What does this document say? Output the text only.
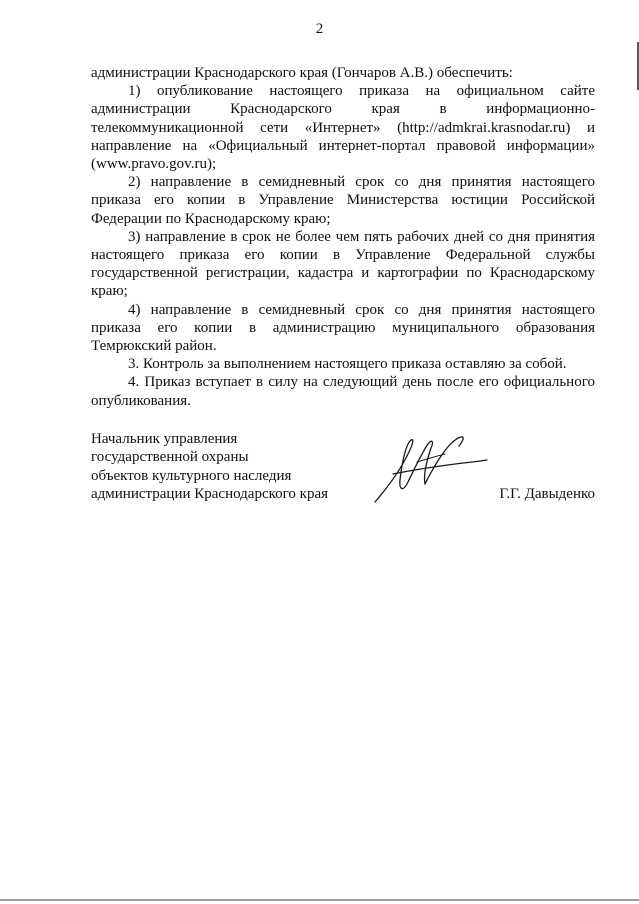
2

администрации Краснодарского края (Гончаров А.В.) обеспечить:

1) опубликование настоящего приказа на официальном сайте администрации Краснодарского края в информационно-телекоммуникационной сети «Интернет» (http://admkrai.krasnodar.ru) и направление на «Официальный интернет-портал правовой информации» (www.pravo.gov.ru);

2) направление в семидневный срок со дня принятия настоящего приказа его копии в Управление Министерства юстиции Российской Федерации по Краснодарскому краю;

3) направление в срок не более чем пять рабочих дней со дня принятия настоящего приказа его копии в Управление Федеральной службы государственной регистрации, кадастра и картографии по Краснодарскому краю;

4) направление в семидневный срок со дня принятия настоящего приказа его копии в администрацию муниципального образования Темрюкский район.

3. Контроль за выполнением настоящего приказа оставляю за собой.

4. Приказ вступает в силу на следующий день после его официального опубликования.

Начальник управления
государственной охраны
объектов культурного наследия
администрации Краснодарского края	Г.Г. Давыденко
